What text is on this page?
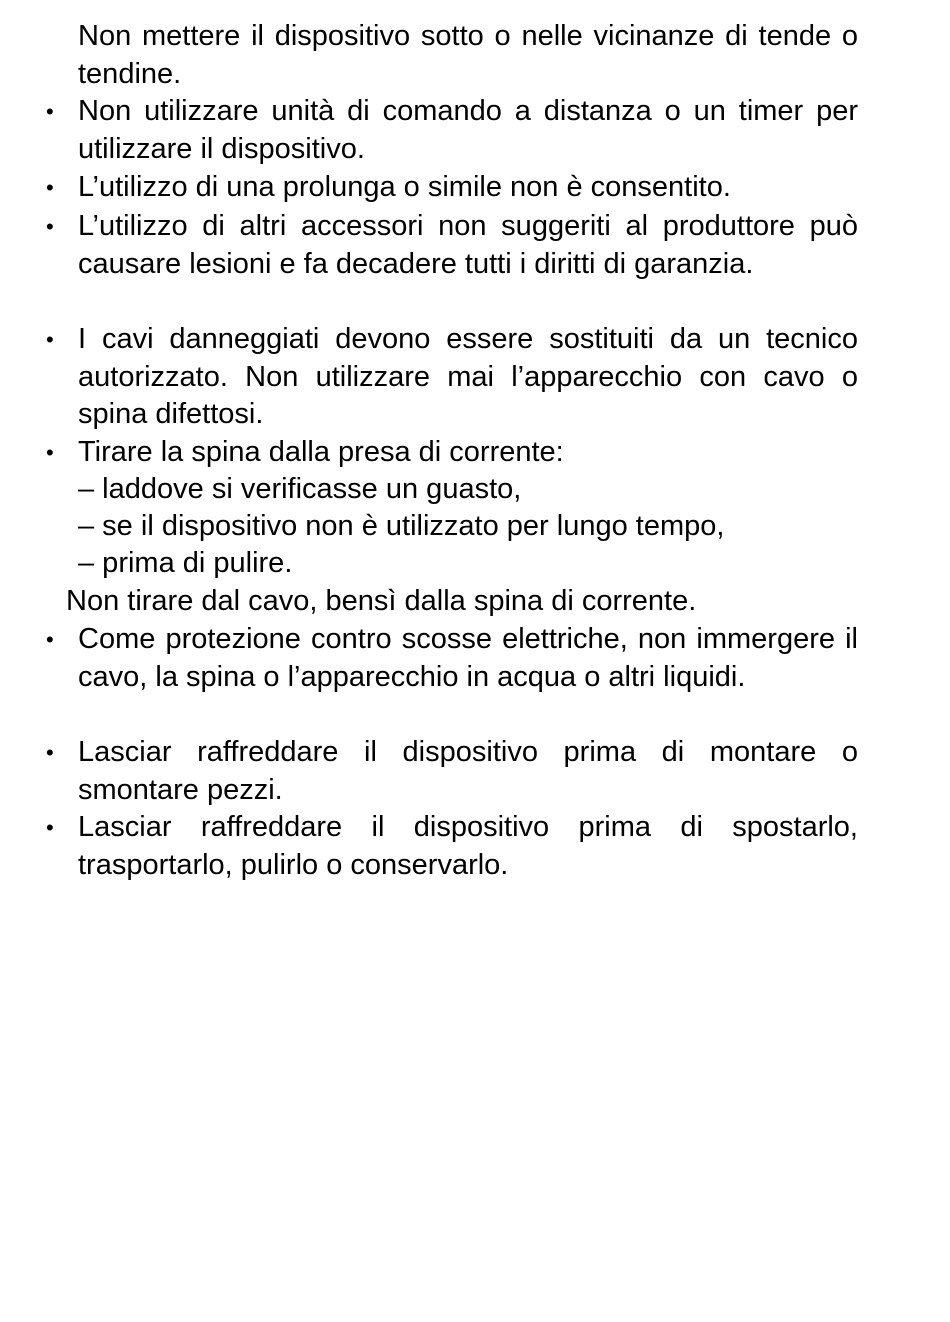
Non mettere il dispositivo sotto o nelle vicinanze di tende o tendine.

• Non utilizzare unità di comando a distanza o un timer per utilizzare il dispositivo.

• L’utilizzo di una prolunga o simile non è consentito.

• L’utilizzo di altri accessori non suggeriti al produttore può causare lesioni e fa decadere tutti i diritti di garanzia.

• I cavi danneggiati devono essere sostituiti da un tecnico autorizzato. Non utilizzare mai l’apparecchio con cavo o spina difettosi.

• Tirare la spina dalla presa di corrente:

– laddove si verificasse un guasto,

– se il dispositivo non è utilizzato per lungo tempo,

– prima di pulire.

Non tirare dal cavo, bensì dalla spina di corrente.

• Come protezione contro scosse elettriche, non immergere il cavo, la spina o l’apparecchio in acqua o altri liquidi.

• Lasciar raffreddare il dispositivo prima di montare o smontare pezzi.

• Lasciar raffreddare il dispositivo prima di spostarlo, trasportarlo, pulirlo o conservarlo.
